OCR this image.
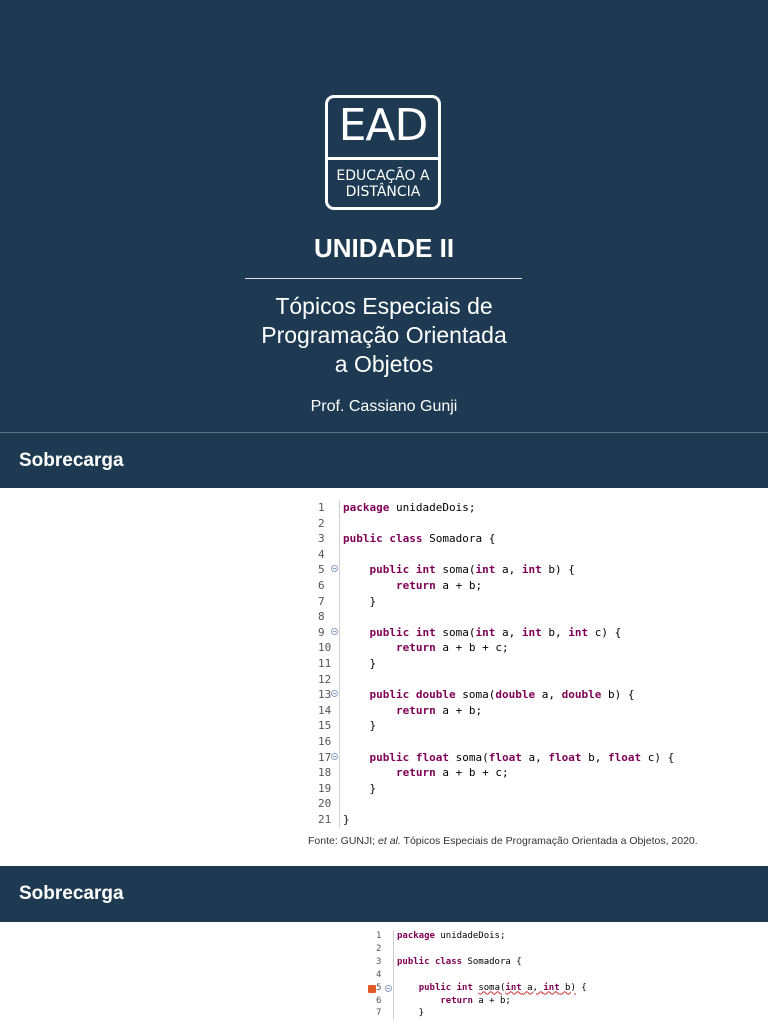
EAD
EDUCAÇÃO A
DISTÂNCIA
UNIDADE II
Tópicos Especiais de
Programação Orientada
a Objetos
Prof. Cassiano Gunji
Sobrecarga
1	package unidadeDois;
2
3	public class Somadora {
4
5	public int soma(int a, int b) {
6	return a + b;
7	}
8
9	public int soma(int a, int b, int c) {
10	return a + b + c;
11	}
12
13	public double soma(double a, double b) {
14	return a + b;
15	}
16
17	public float soma(float a, float b, float c) {
18	return a + b + c;
19	}
20
21	}
Fonte: GUNJI; et al. Tópicos Especiais de Programação Orientada a Objetos, 2020.
Sobrecarga
1	package unidadeDois;
2
3	public class Somadora {
4
5	public int soma(int a, int b) {
6	return a + b;
7	}
